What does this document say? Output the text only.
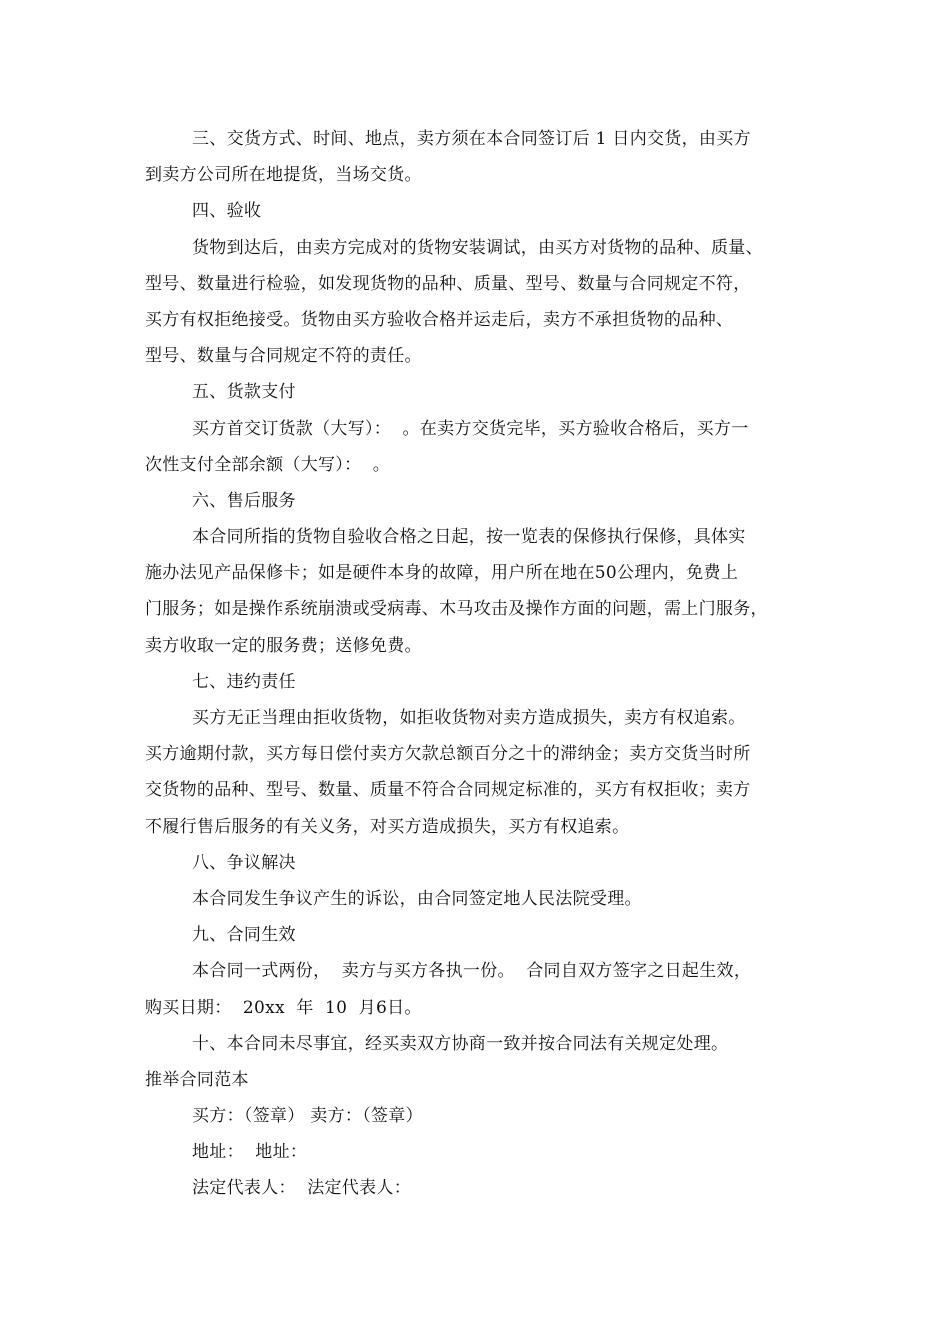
三、交货方式、时间、地点，卖方须在本合同签订后 1 日内交货，由买方
到卖方公司所在地提货，当场交货。
四、验收
货物到达后，由卖方完成对的货物安装调试，由买方对货物的品种、质量、
型号、数量进行检验，如发现货物的品种、质量、型号、数量与合同规定不符，
买方有权拒绝接受。货物由买方验收合格并运走后，卖方不承担货物的品种、
型号、数量与合同规定不符的责任。
五、货款支付
买方首交订货款（大写）：  。在卖方交货完毕，买方验收合格后，买方一
次性支付全部余额（大写）：  。
六、售后服务
本合同所指的货物自验收合格之日起，按一览表的保修执行保修，具体实
施办法见产品保修卡；如是硬件本身的故障，用户所在地在50公理内，免费上
门服务；如是操作系统崩溃或受病毒、木马攻击及操作方面的问题，需上门服务，
卖方收取一定的服务费；送修免费。
七、违约责任
买方无正当理由拒收货物，如拒收货物对卖方造成损失，卖方有权追索。
买方逾期付款，买方每日偿付卖方欠款总额百分之十的滞纳金；卖方交货当时所
交货物的品种、型号、数量、质量不符合合同规定标准的，买方有权拒收；卖方
不履行售后服务的有关义务，对买方造成损失，买方有权追索。
八、争议解决
本合同发生争议产生的诉讼，由合同签定地人民法院受理。
九、合同生效
本合同一式两份，  卖方与买方各执一份。  合同自双方签字之日起生效，
购买日期：  20xx  年  10  月6日。
十、本合同未尽事宜，经买卖双方协商一致并按合同法有关规定处理。
推举合同范本
买方：（签章） 卖方：（签章）
地址：  地址：
法定代表人：  法定代表人：
